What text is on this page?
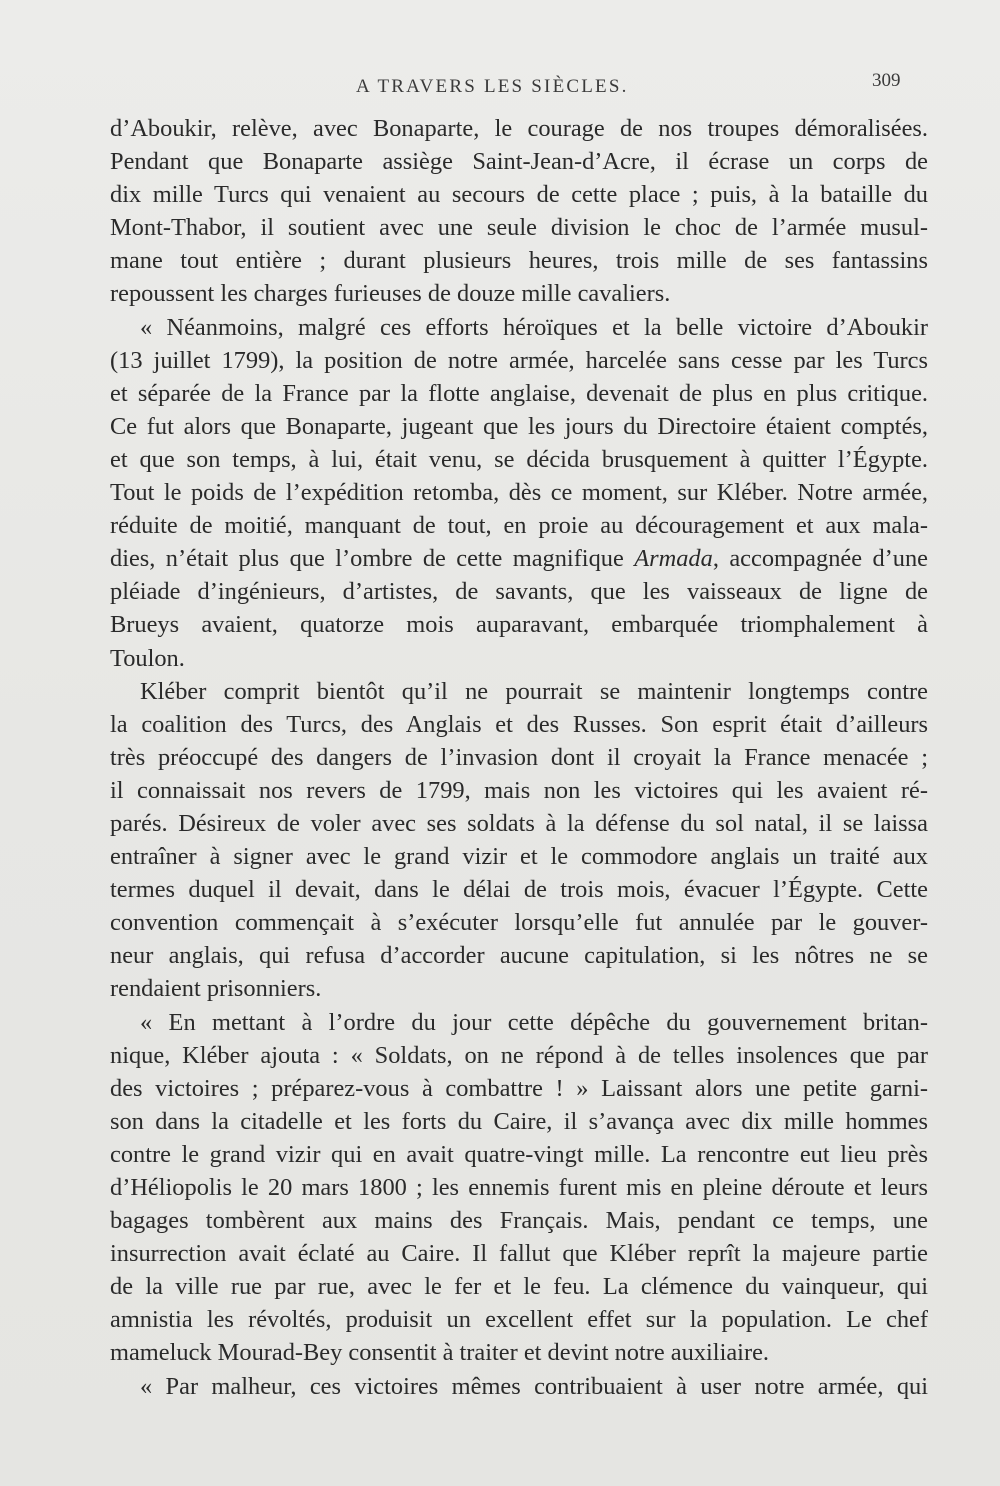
A TRAVERS LES SIÈCLES.	309
d’Aboukir, relève, avec Bonaparte, le courage de nos troupes démoralisées.
Pendant que Bonaparte assiège Saint-Jean-d’Acre, il écrase un corps de
dix mille Turcs qui venaient au secours de cette place ; puis, à la bataille du
Mont-Thabor, il soutient avec une seule division le choc de l’armée musul-
mane tout entière ; durant plusieurs heures, trois mille de ses fantassins
repoussent les charges furieuses de douze mille cavaliers.
« Néanmoins, malgré ces efforts héroïques et la belle victoire d’Aboukir
(13 juillet 1799), la position de notre armée, harcelée sans cesse par les Turcs
et séparée de la France par la flotte anglaise, devenait de plus en plus critique.
Ce fut alors que Bonaparte, jugeant que les jours du Directoire étaient comptés,
et que son temps, à lui, était venu, se décida brusquement à quitter l’Égypte.
Tout le poids de l’expédition retomba, dès ce moment, sur Kléber. Notre armée,
réduite de moitié, manquant de tout, en proie au découragement et aux mala-
dies, n’était plus que l’ombre de cette magnifique Armada, accompagnée d’une
pléiade d’ingénieurs, d’artistes, de savants, que les vaisseaux de ligne de
Brueys avaient, quatorze mois auparavant, embarquée triomphalement à
Toulon.
Kléber comprit bientôt qu’il ne pourrait se maintenir longtemps contre
la coalition des Turcs, des Anglais et des Russes. Son esprit était d’ailleurs
très préoccupé des dangers de l’invasion dont il croyait la France menacée ;
il connaissait nos revers de 1799, mais non les victoires qui les avaient ré-
parés. Désireux de voler avec ses soldats à la défense du sol natal, il se laissa
entraîner à signer avec le grand vizir et le commodore anglais un traité aux
termes duquel il devait, dans le délai de trois mois, évacuer l’Égypte. Cette
convention commençait à s’exécuter lorsqu’elle fut annulée par le gouver-
neur anglais, qui refusa d’accorder aucune capitulation, si les nôtres ne se
rendaient prisonniers.
« En mettant à l’ordre du jour cette dépêche du gouvernement britan-
nique, Kléber ajouta : « Soldats, on ne répond à de telles insolences que par
des victoires ; préparez-vous à combattre ! » Laissant alors une petite garni-
son dans la citadelle et les forts du Caire, il s’avança avec dix mille hommes
contre le grand vizir qui en avait quatre-vingt mille. La rencontre eut lieu près
d’Héliopolis le 20 mars 1800 ; les ennemis furent mis en pleine déroute et leurs
bagages tombèrent aux mains des Français. Mais, pendant ce temps, une
insurrection avait éclaté au Caire. Il fallut que Kléber reprît la majeure partie
de la ville rue par rue, avec le fer et le feu. La clémence du vainqueur, qui
amnistia les révoltés, produisit un excellent effet sur la population. Le chef
mameluck Mourad-Bey consentit à traiter et devint notre auxiliaire.
« Par malheur, ces victoires mêmes contribuaient à user notre armée, qui
